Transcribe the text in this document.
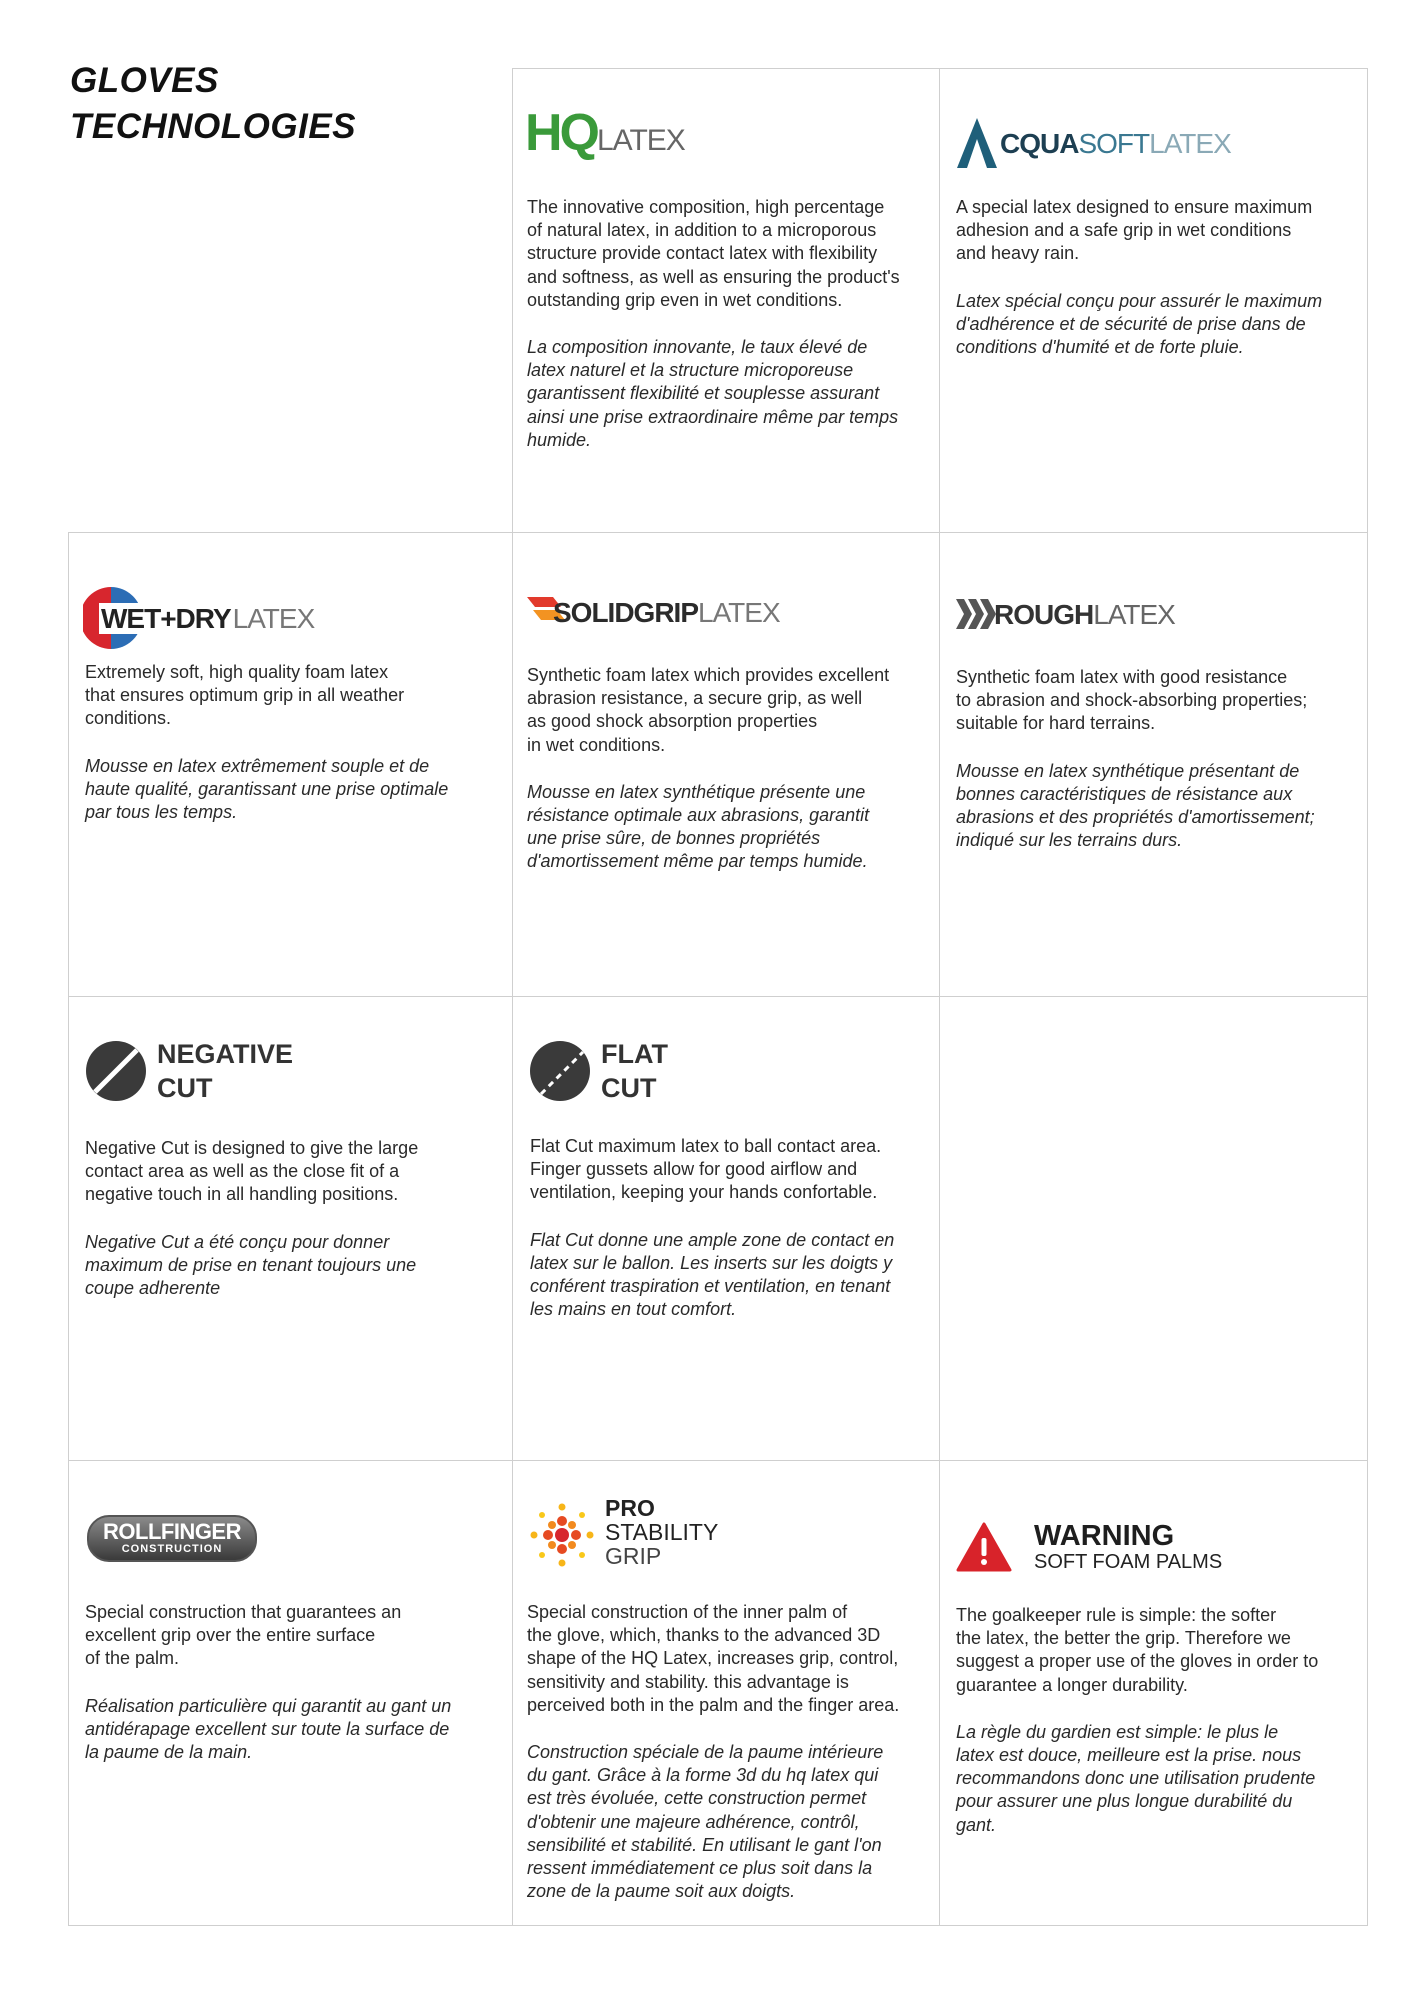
GLOVES
TECHNOLOGIES	HQLATEX

The innovative composition, high percentage
of natural latex, in addition to a microporous
structure provide contact latex with flexibility
and softness, as well as ensuring the product's
outstanding grip even in wet conditions.

La composition innovante, le taux élevé de
latex naturel et la structure microporeuse
garantissent flexibilité et souplesse assurant
ainsi une prise extraordinaire même par temps
humide.

CQUASOFTLATEX

A special latex designed to ensure maximum
adhesion and a safe grip in wet conditions
and heavy rain.

Latex spécial conçu pour assurér le maximum
d'adhérence et de sécurité de prise dans de
conditions d'humité et de forte pluie.

WET+DRYLATEX

Extremely soft, high quality foam latex
that ensures optimum grip in all weather
conditions.

Mousse en latex extrêmement souple et de
haute qualité, garantissant une prise optimale
par tous les temps.

SOLIDGRIPLATEX

Synthetic foam latex which provides excellent
abrasion resistance, a secure grip, as well
as good shock absorption properties
in wet conditions.

Mousse en latex synthétique présente une
résistance optimale aux abrasions, garantit
une prise sûre, de bonnes propriétés
d'amortissement même par temps humide.

ROUGHLATEX

Synthetic foam latex with good resistance
to abrasion and shock-absorbing properties;
suitable for hard terrains.

Mousse en latex synthétique présentant de
bonnes caractéristiques de résistance aux
abrasions et des propriétés d'amortissement;
indiqué sur les terrains durs.

NEGATIVE
CUT

Negative Cut is designed to give the large
contact area as well as the close fit of a
negative touch in all handling positions.

Negative Cut a été conçu pour donner
maximum de prise en tenant toujours une
coupe adherente

FLAT
CUT

Flat Cut maximum latex to ball contact area.
Finger gussets allow for good airflow and
ventilation, keeping your hands confortable.

Flat Cut donne une ample zone de contact en
latex sur le ballon. Les inserts sur les doigts y
conférent traspiration et ventilation, en tenant
les mains en tout comfort.

ROLLFINGER
CONSTRUCTION

Special construction that guarantees an
excellent grip over the entire surface
of the palm.

Réalisation particulière qui garantit au gant un
antidérapage excellent sur toute la surface de
la paume de la main.

PRO
STABILITY
GRIP

Special construction of the inner palm of
the glove, which, thanks to the advanced 3D
shape of the HQ Latex, increases grip, control,
sensitivity and stability. this advantage is
perceived both in the palm and the finger area.

Construction spéciale de la paume intérieure
du gant. Grâce à la forme 3d du hq latex qui
est très évoluée, cette construction permet
d'obtenir une majeure adhérence, contrôl,
sensibilité et stabilité. En utilisant le gant l'on
ressent immédiatement ce plus soit dans la
zone de la paume soit aux doigts.

WARNING
SOFT FOAM PALMS

The goalkeeper rule is simple: the softer
the latex, the better the grip. Therefore we
suggest a proper use of the gloves in order to
guarantee a longer durability.

La règle du gardien est simple: le plus le
latex est douce, meilleure est la prise. nous
recommandons donc une utilisation prudente
pour assurer une plus longue durabilité du
gant.
